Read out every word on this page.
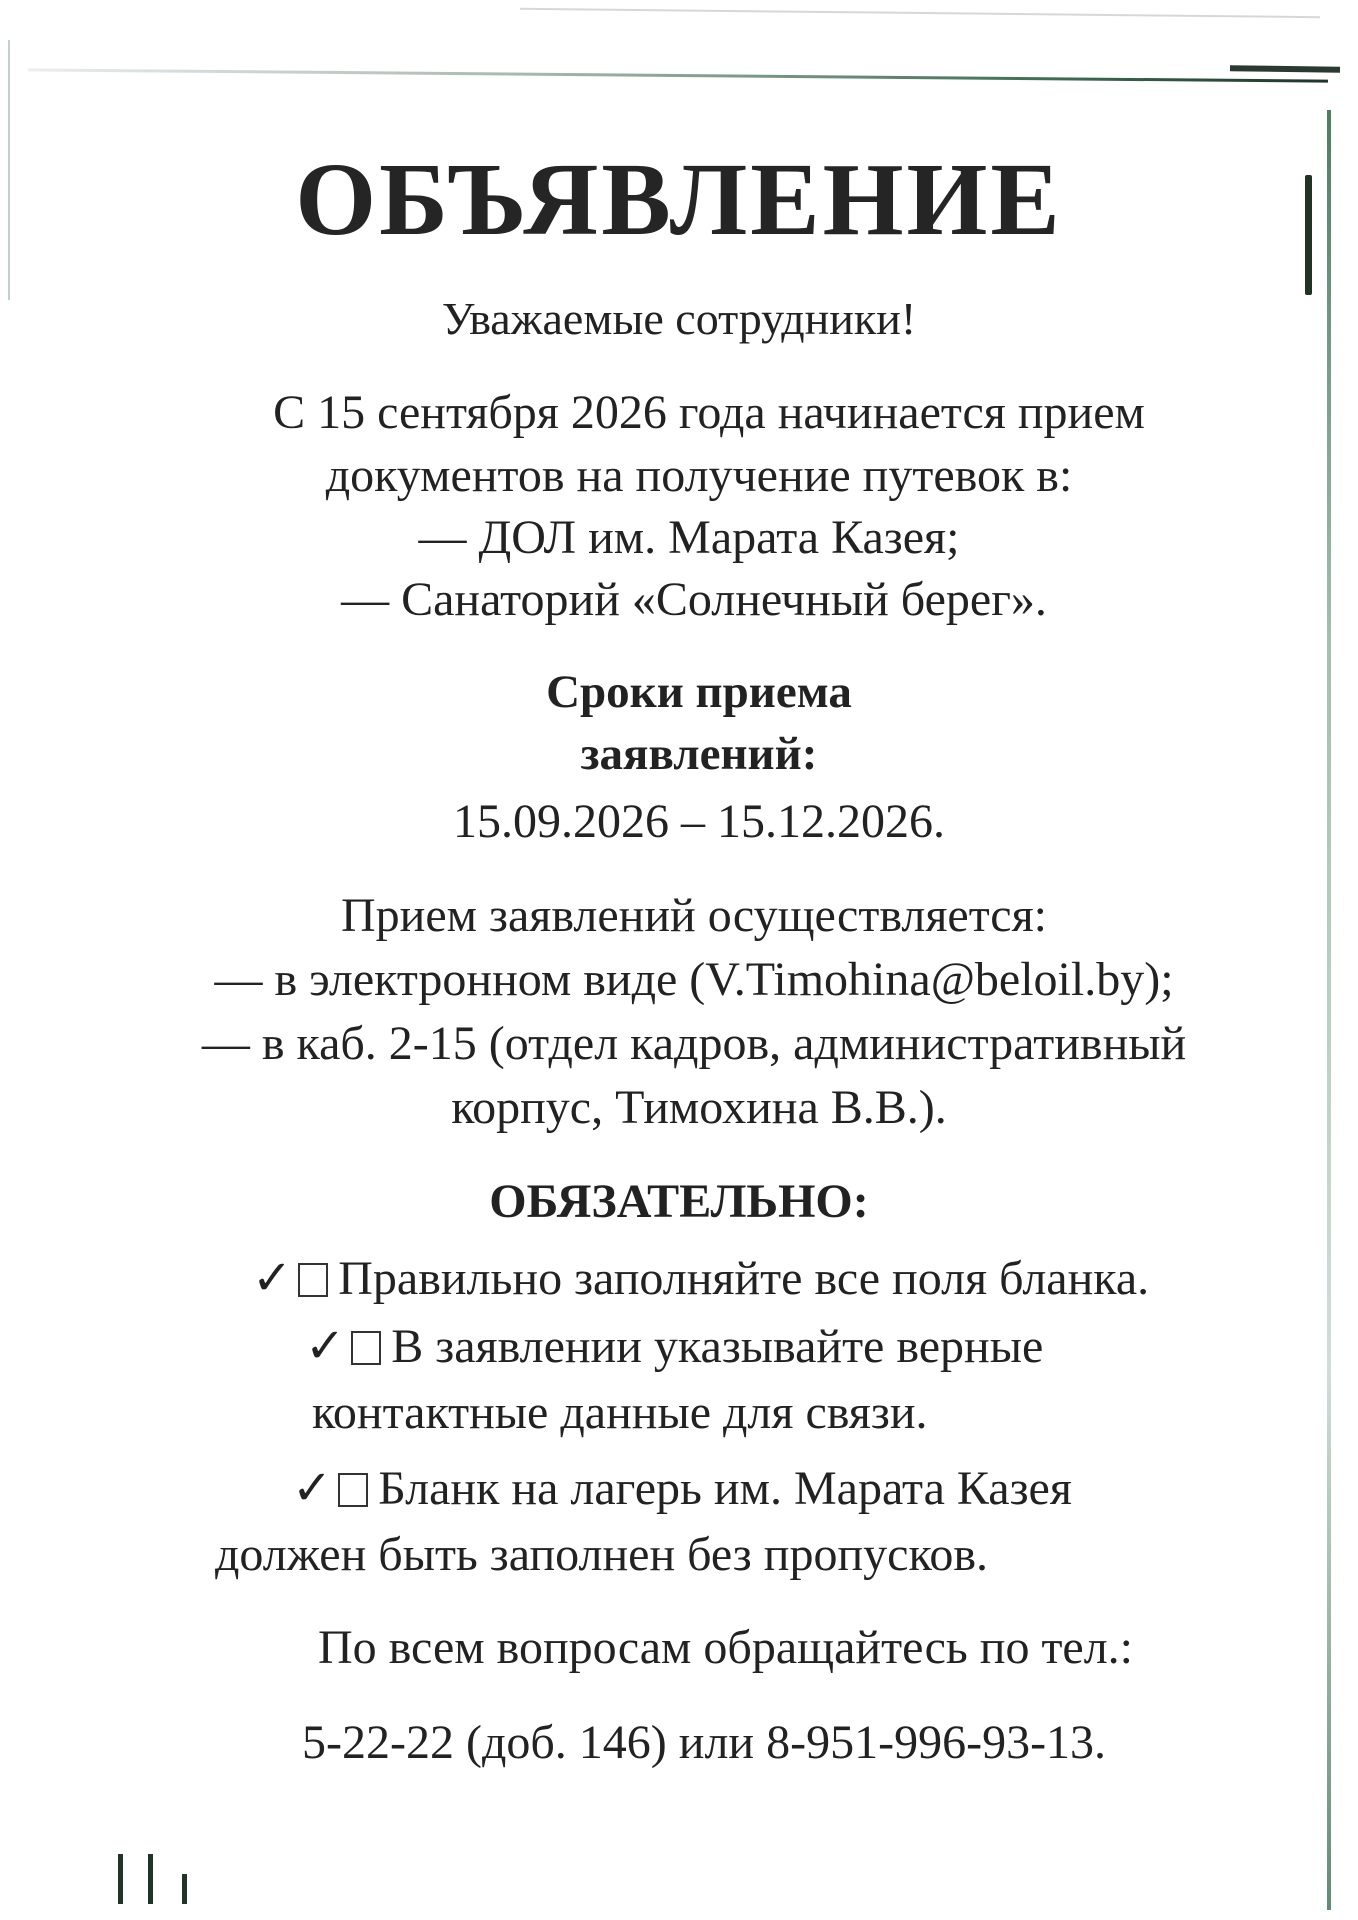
ОБЪЯВЛЕНИЕ
Уважаемые сотрудники!
С 15 сентября 2026 года начинается прием
документов на получение путевок в:
— ДОЛ им. Марата Казея;
— Санаторий «Солнечный берег».
Сроки приема
заявлений:
15.09.2026 – 15.12.2026.
Прием заявлений осуществляется:
— в электронном виде (V.Timohina@beloil.by);
— в каб. 2-15 (отдел кадров, административный
корпус, Тимохина В.В.).
ОБЯЗАТЕЛЬНО:
✓ Правильно заполняйте все поля бланка.
✓ В заявлении указывайте верные
контактные данные для связи.
✓ Бланк на лагерь им. Марата Казея
должен быть заполнен без пропусков.
По всем вопросам обращайтесь по тел.:
5-22-22 (доб. 146) или 8-951-996-93-13.
